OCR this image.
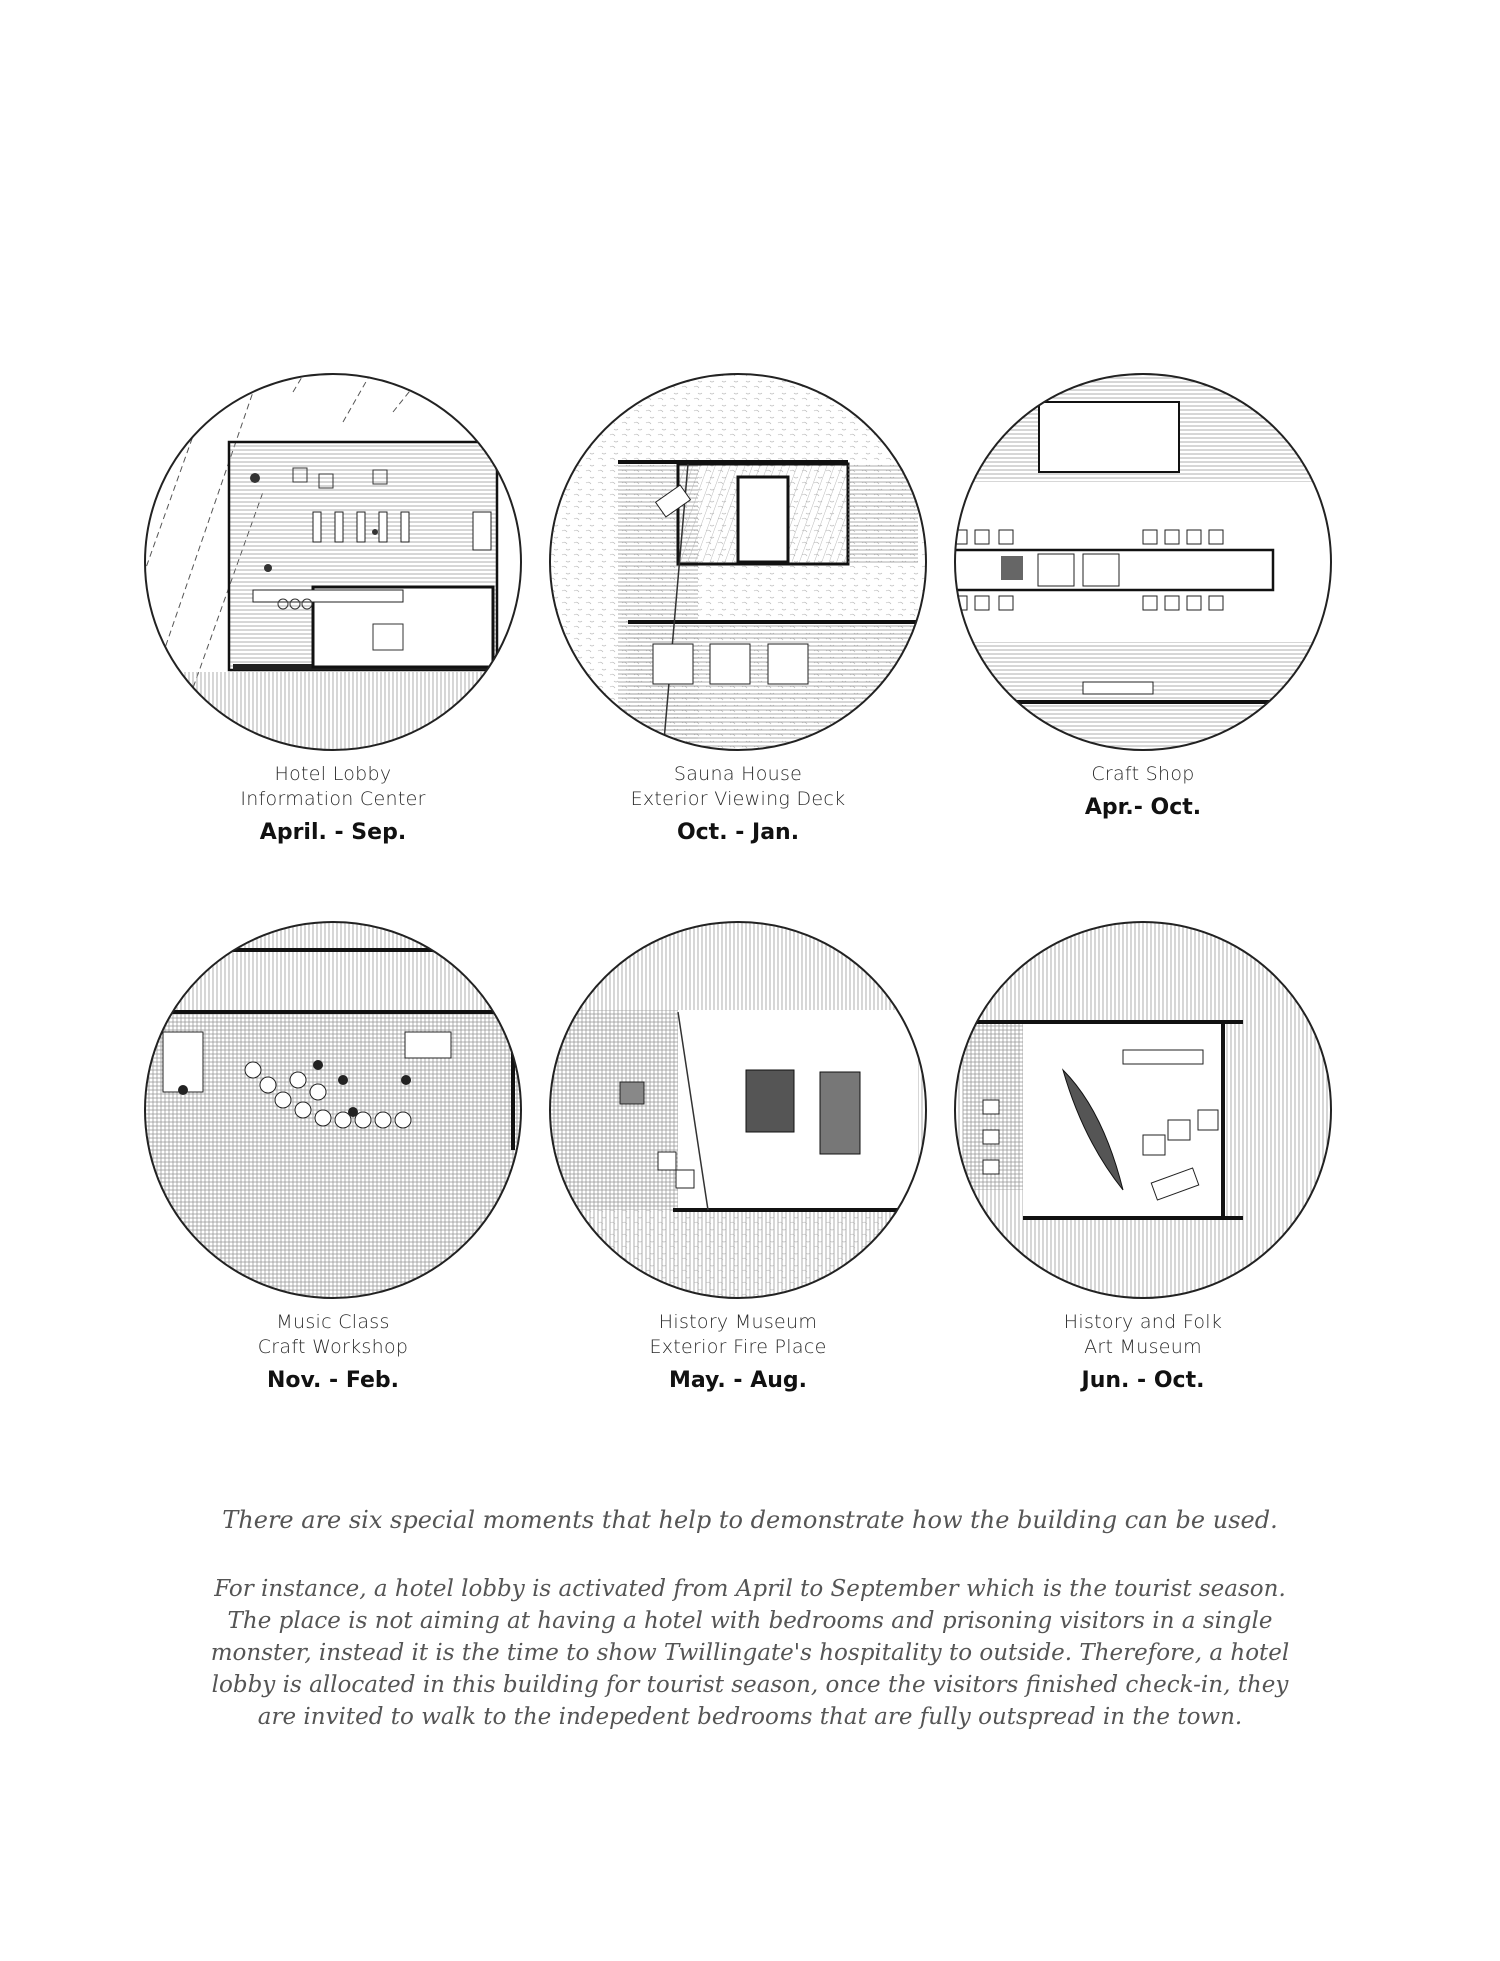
Hotel Lobby
Information Center
April. - Sep.
Sauna House
Exterior Viewing Deck
Oct. - Jan.
Craft Shop
Apr.- Oct.
Music Class
Craft Workshop
Nov. - Feb.
History Museum
Exterior Fire Place
May. - Aug.
History and Folk
Art Museum
Jun. - Oct.
There are six special moments that help to demonstrate how the building can be used.
For instance, a hotel lobby is activated from April to September which is the tourist season. The place is not aiming at having a hotel with bedrooms and prisoning visitors in a single monster, instead it is the time to show Twillingate's hospitality to outside. Therefore, a hotel lobby is allocated in this building for tourist season, once the visitors finished check-in, they are invited to walk to the indepedent bedrooms that are fully outspread in the town.
